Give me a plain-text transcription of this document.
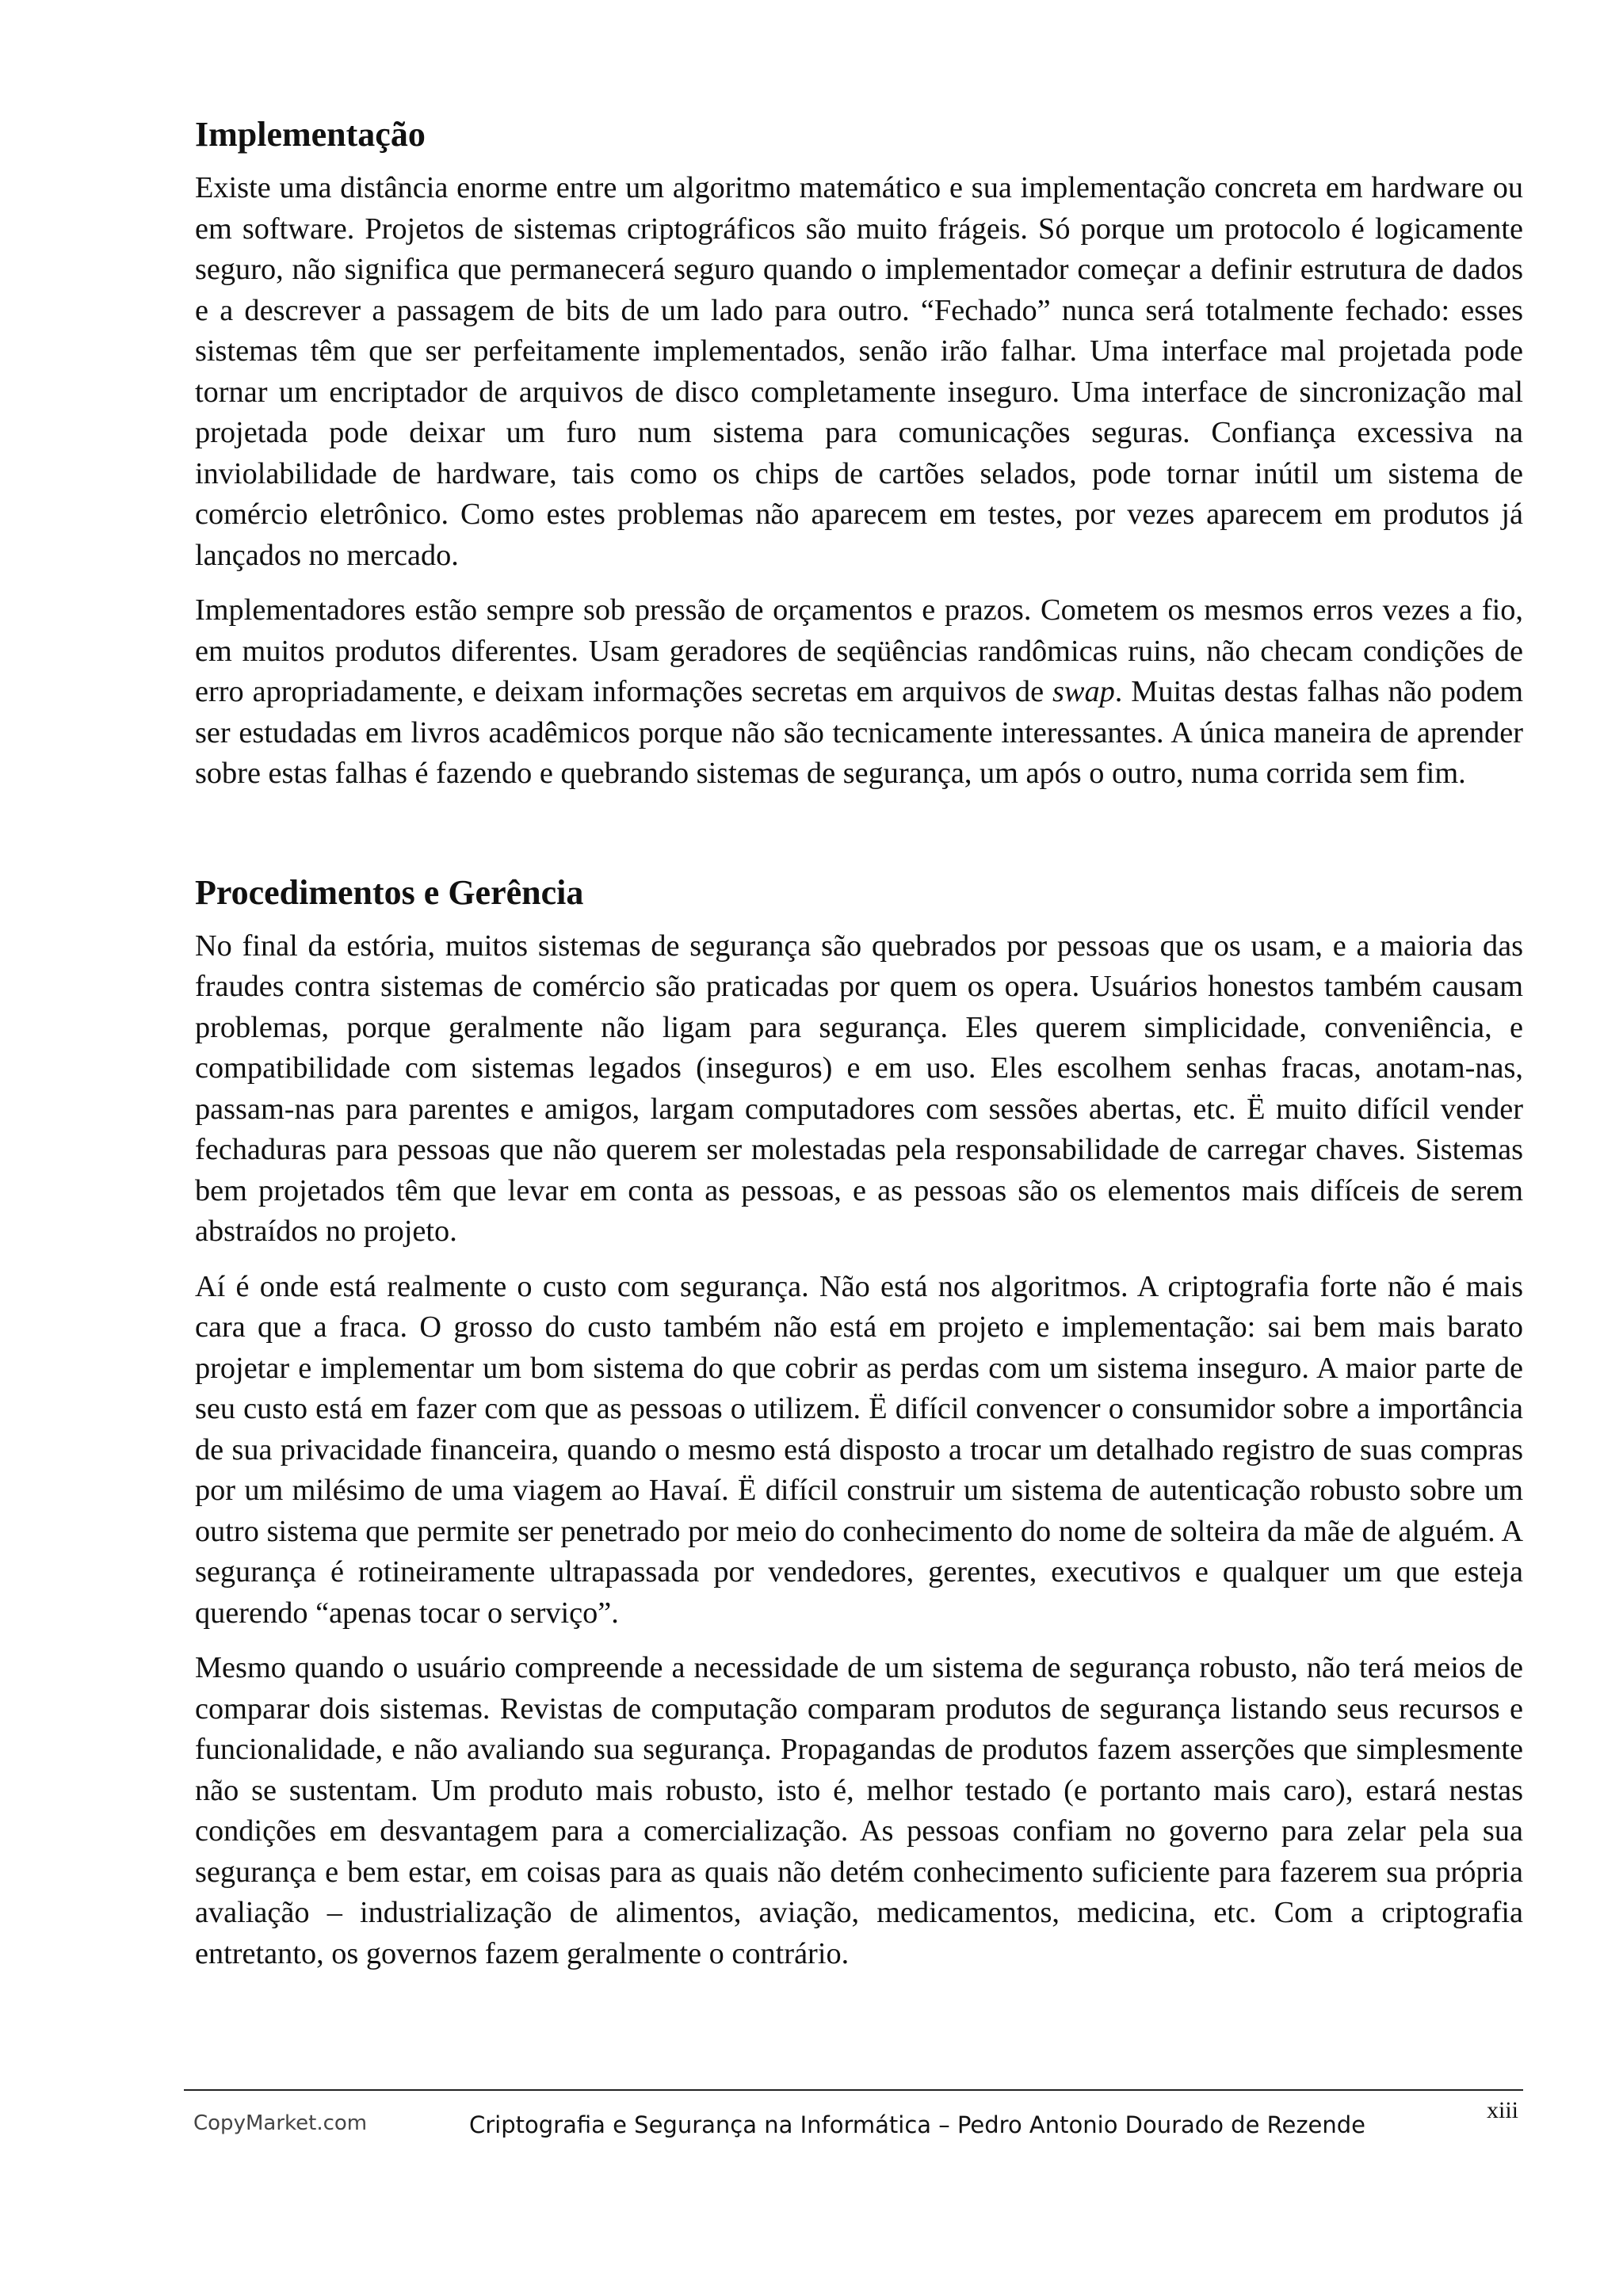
Implementação

Existe uma distância enorme entre um algoritmo matemático e sua implementação concreta em hardware ou em software. Projetos de sistemas criptográficos são muito frágeis. Só porque um protocolo é logicamente seguro, não significa que permanecerá seguro quando o implementador começar a definir estrutura de dados e a descrever a passagem de bits de um lado para outro. “Fechado” nunca será totalmente fechado: esses sistemas têm que ser perfeitamente implementados, senão irão falhar. Uma interface mal projetada pode tornar um encriptador de arquivos de disco completamente inseguro. Uma interface de sincronização mal projetada pode deixar um furo num sistema para comunicações seguras. Confiança excessiva na inviolabilidade de hardware, tais como os chips de cartões selados, pode tornar inútil um sistema de comércio eletrônico. Como estes problemas não aparecem em testes, por vezes aparecem em produtos já lançados no mercado.

Implementadores estão sempre sob pressão de orçamentos e prazos. Cometem os mesmos erros vezes a fio, em muitos produtos diferentes. Usam geradores de seqüências randômicas ruins, não checam condições de erro apropriadamente, e deixam informações secretas em arquivos de swap. Muitas destas falhas não podem ser estudadas em livros acadêmicos porque não são tecnicamente interessantes. A única maneira de aprender sobre estas falhas é fazendo e quebrando sistemas de segurança, um após o outro, numa corrida sem fim.

Procedimentos e Gerência

No final da estória, muitos sistemas de segurança são quebrados por pessoas que os usam, e a maioria das fraudes contra sistemas de comércio são praticadas por quem os opera. Usuários honestos também causam problemas, porque geralmente não ligam para segurança. Eles querem simplicidade, conveniência, e compatibilidade com sistemas legados (inseguros) e em uso. Eles escolhem senhas fracas, anotam-nas, passam-nas para parentes e amigos, largam computadores com sessões abertas, etc. Ë muito difícil vender fechaduras para pessoas que não querem ser molestadas pela responsabilidade de carregar chaves. Sistemas bem projetados têm que levar em conta as pessoas, e as pessoas são os elementos mais difíceis de serem abstraídos no projeto.

Aí é onde está realmente o custo com segurança. Não está nos algoritmos. A criptografia forte não é mais cara que a fraca. O grosso do custo também não está em projeto e implementação: sai bem mais barato projetar e implementar um bom sistema do que cobrir as perdas com um sistema inseguro. A maior parte de seu custo está em fazer com que as pessoas o utilizem. Ë difícil convencer o consumidor sobre a importância de sua privacidade financeira, quando o mesmo está disposto a trocar um detalhado registro de suas compras por um milésimo de uma viagem ao Havaí. Ë difícil construir um sistema de autenticação robusto sobre um outro sistema que permite ser penetrado por meio do conhecimento do nome de solteira da mãe de alguém. A segurança é rotineiramente ultrapassada por vendedores, gerentes, executivos e qualquer um que esteja querendo “apenas tocar o serviço”.

Mesmo quando o usuário compreende a necessidade de um sistema de segurança robusto, não terá meios de comparar dois sistemas. Revistas de computação comparam produtos de segurança listando seus recursos e funcionalidade, e não avaliando sua segurança. Propagandas de produtos fazem asserções que simplesmente não se sustentam. Um produto mais robusto, isto é, melhor testado (e portanto mais caro), estará nestas condições em desvantagem para a comercialização. As pessoas confiam no governo para zelar pela sua segurança e bem estar, em coisas para as quais não detém conhecimento suficiente para fazerem sua própria avaliação – industrialização de alimentos, aviação, medicamentos, medicina, etc. Com a criptografia entretanto, os governos fazem geralmente o contrário.

CopyMarket.com	Criptografia e Segurança na Informática – Pedro Antonio Dourado de Rezende
xiii
